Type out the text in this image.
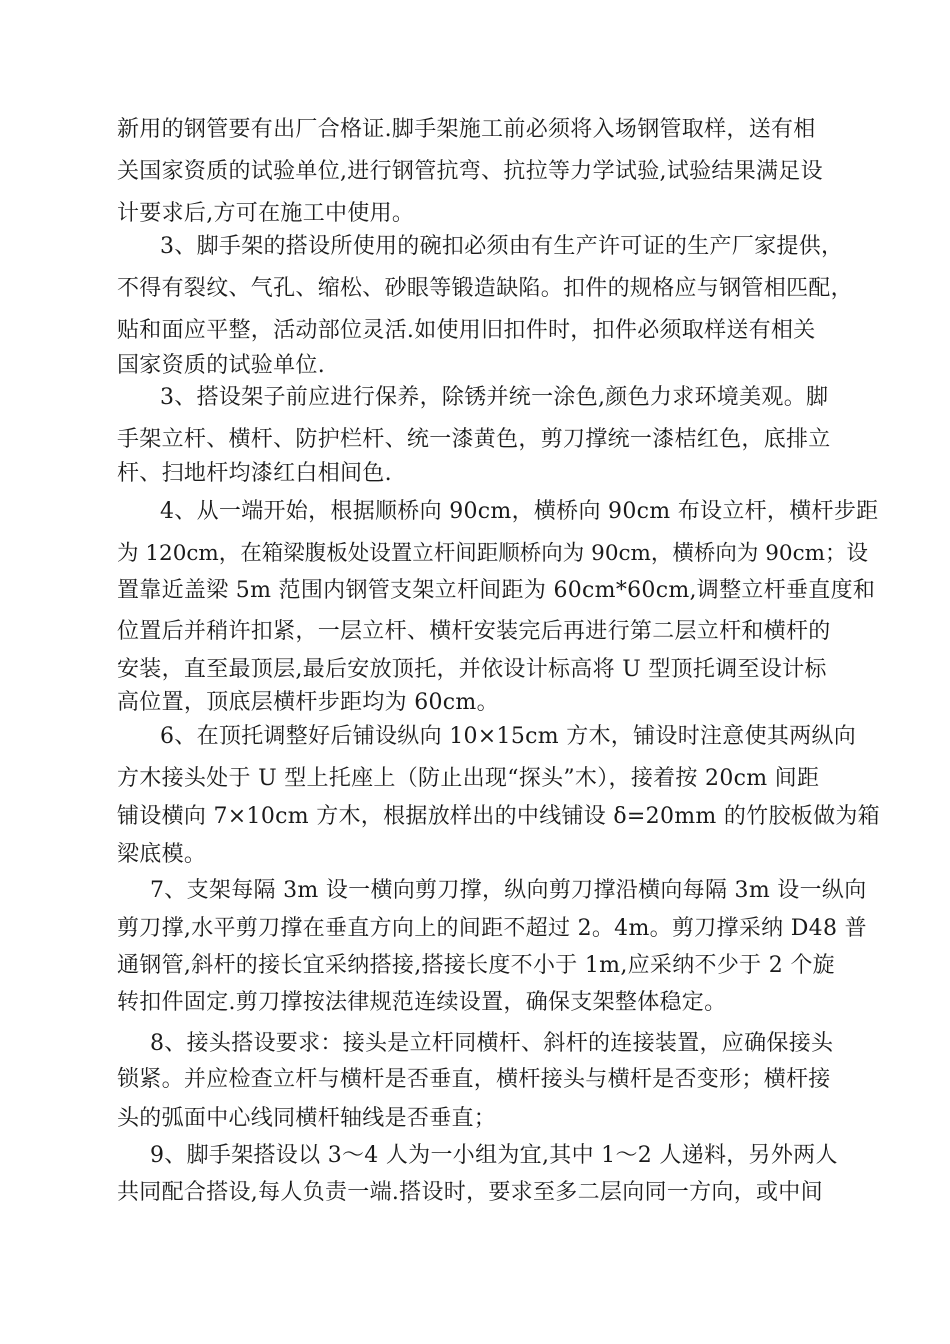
新用的钢管要有出厂合格证.脚手架施工前必须将入场钢管取样，送有相
关国家资质的试验单位,进行钢管抗弯、抗拉等力学试验,试验结果满足设
计要求后,方可在施工中使用。
3、脚手架的搭设所使用的碗扣必须由有生产许可证的生产厂家提供，
不得有裂纹、气孔、缩松、砂眼等锻造缺陷。扣件的规格应与钢管相匹配，
贴和面应平整，活动部位灵活.如使用旧扣件时，扣件必须取样送有相关
国家资质的试验单位.
3、搭设架子前应进行保养，除锈并统一涂色,颜色力求环境美观。脚
手架立杆、横杆、防护栏杆、统一漆黄色，剪刀撑统一漆桔红色，底排立
杆、扫地杆均漆红白相间色.
4、从一端开始，根据顺桥向 90cm，横桥向 90cm 布设立杆，横杆步距
为 120cm，在箱梁腹板处设置立杆间距顺桥向为 90cm，横桥向为 90cm；设
置靠近盖梁 5m 范围内钢管支架立杆间距为 60cm*60cm,调整立杆垂直度和
位置后并稍许扣紧，一层立杆、横杆安装完后再进行第二层立杆和横杆的
安装，直至最顶层,最后安放顶托，并依设计标高将 U 型顶托调至设计标
高位置，顶底层横杆步距均为 60cm。
6、在顶托调整好后铺设纵向 10×15cm 方木，铺设时注意使其两纵向
方木接头处于 U 型上托座上（防止出现“探头”木），接着按 20cm 间距
铺设横向 7×10cm 方木，根据放样出的中线铺设 δ=20mm 的竹胶板做为箱
梁底模。
7、支架每隔 3m 设一横向剪刀撑，纵向剪刀撑沿横向每隔 3m 设一纵向
剪刀撑,水平剪刀撑在垂直方向上的间距不超过 2。4m。剪刀撑采纳 D48 普
通钢管,斜杆的接长宜采纳搭接,搭接长度不小于 1m,应采纳不少于 2 个旋
转扣件固定.剪刀撑按法律规范连续设置，确保支架整体稳定。
8、接头搭设要求：接头是立杆同横杆、斜杆的连接装置，应确保接头
锁紧。并应检查立杆与横杆是否垂直，横杆接头与横杆是否变形；横杆接
头的弧面中心线同横杆轴线是否垂直；
9、脚手架搭设以 3～4 人为一小组为宜,其中 1～2 人递料，另外两人
共同配合搭设,每人负责一端.搭设时，要求至多二层向同一方向，或中间
